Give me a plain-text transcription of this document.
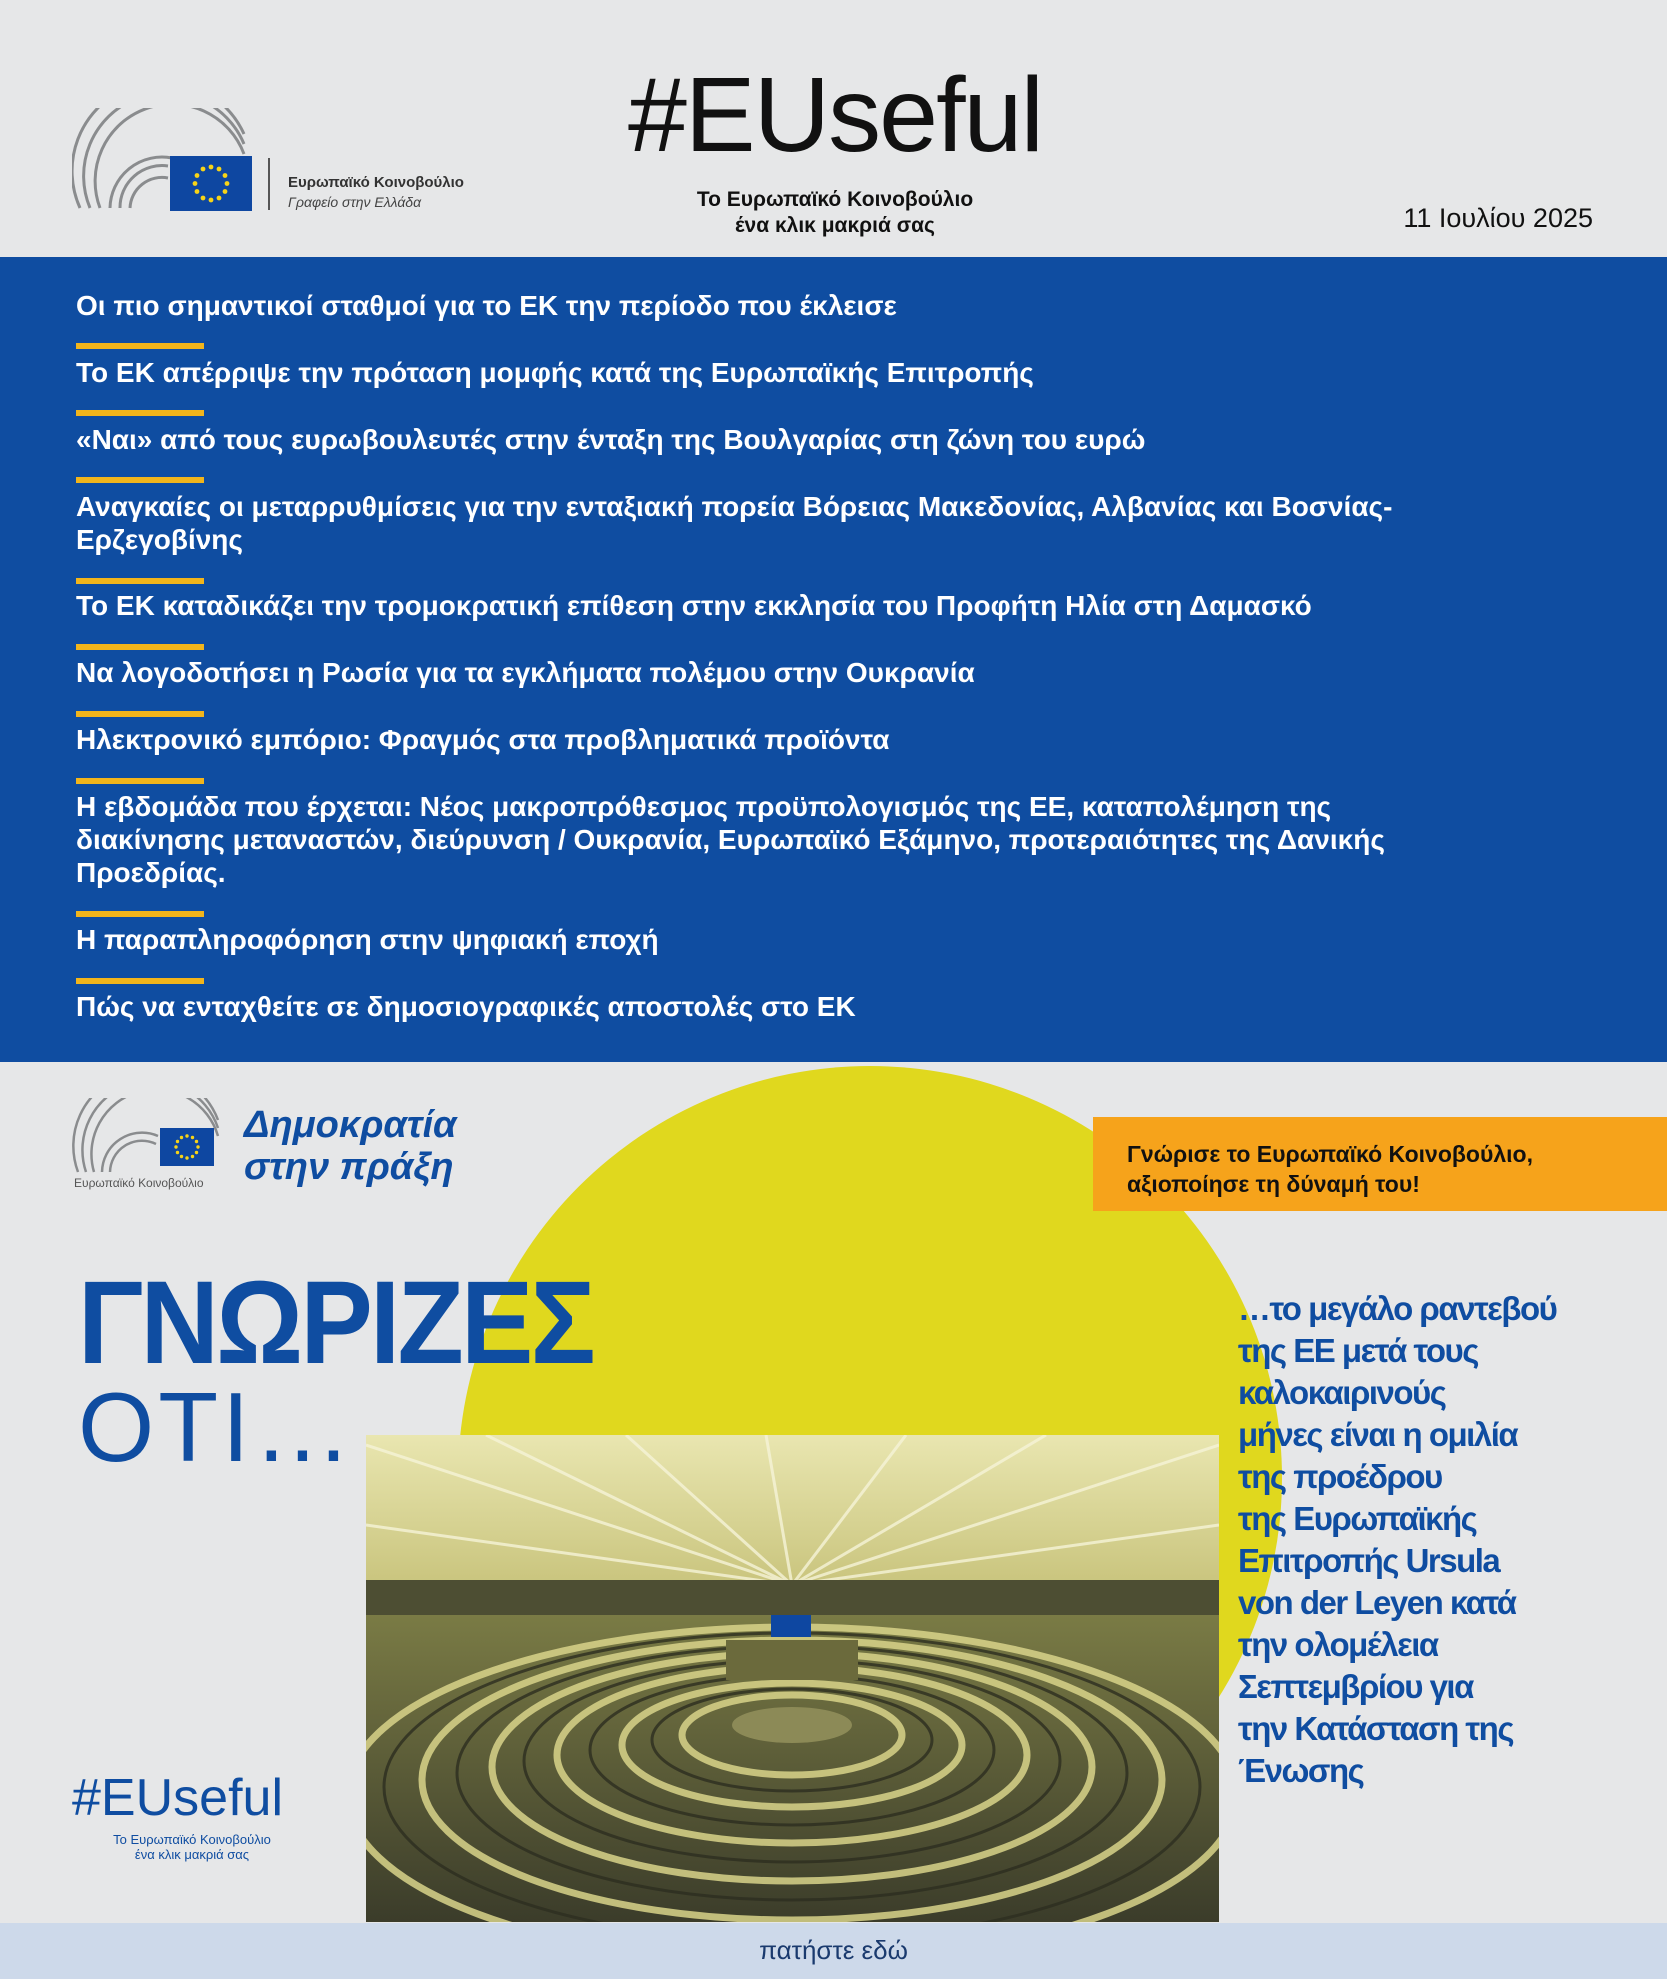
Ευρωπαϊκό Κοινοβούλιο
Γραφείο στην Ελλάδα
#EUseful
Το Ευρωπαϊκό Κοινοβούλιο
ένα κλικ μακριά σας	11 Ιουλίου 2025
Οι πιο σημαντικοί σταθμοί για το ΕΚ την περίοδο που έκλεισε
Το ΕΚ απέρριψε την πρόταση μομφής κατά της Ευρωπαϊκής Επιτροπής
«Ναι» από τους ευρωβουλευτές στην ένταξη της Βουλγαρίας στη ζώνη του ευρώ
Αναγκαίες οι μεταρρυθμίσεις για την ενταξιακή πορεία Βόρειας Μακεδονίας, Αλβανίας και Βοσνίας-
Ερζεγοβίνης
Το ΕΚ καταδικάζει την τρομοκρατική επίθεση στην εκκλησία του Προφήτη Ηλία στη Δαμασκό
Να λογοδοτήσει η Ρωσία για τα εγκλήματα πολέμου στην Ουκρανία
Ηλεκτρονικό εμπόριο: Φραγμός στα προβληματικά προϊόντα
Η εβδομάδα που έρχεται: Νέος μακροπρόθεσμος προϋπολογισμός της ΕΕ, καταπολέμηση της
διακίνησης μεταναστών, διεύρυνση / Ουκρανία, Ευρωπαϊκό Εξάμηνο, προτεραιότητες της Δανικής
Προεδρίας.
Η παραπληροφόρηση στην ψηφιακή εποχή
Πώς να ενταχθείτε σε δημοσιογραφικές αποστολές στο ΕΚ
Ευρωπαϊκό Κοινοβούλιο
Δημοκρατία
στην πράξη	Γνώρισε το Ευρωπαϊκό Κοινοβούλιο,
αξιοποίησε τη δύναμή του!
ΓΝΩΡΙΖΕΣ
ΟΤΙ…
…το μεγάλο ραντεβού
της ΕΕ μετά τους
καλοκαιρινούς
μήνες είναι η ομιλία
της προέδρου
της Ευρωπαϊκής
Επιτροπής Ursula
von der Leyen κατά
την ολομέλεια
Σεπτεμβρίου για
την Κατάσταση της
Ένωσης
#EUseful
Το Ευρωπαϊκό Κοινοβούλιο
ένα κλικ μακριά σας
πατήστε εδώ
